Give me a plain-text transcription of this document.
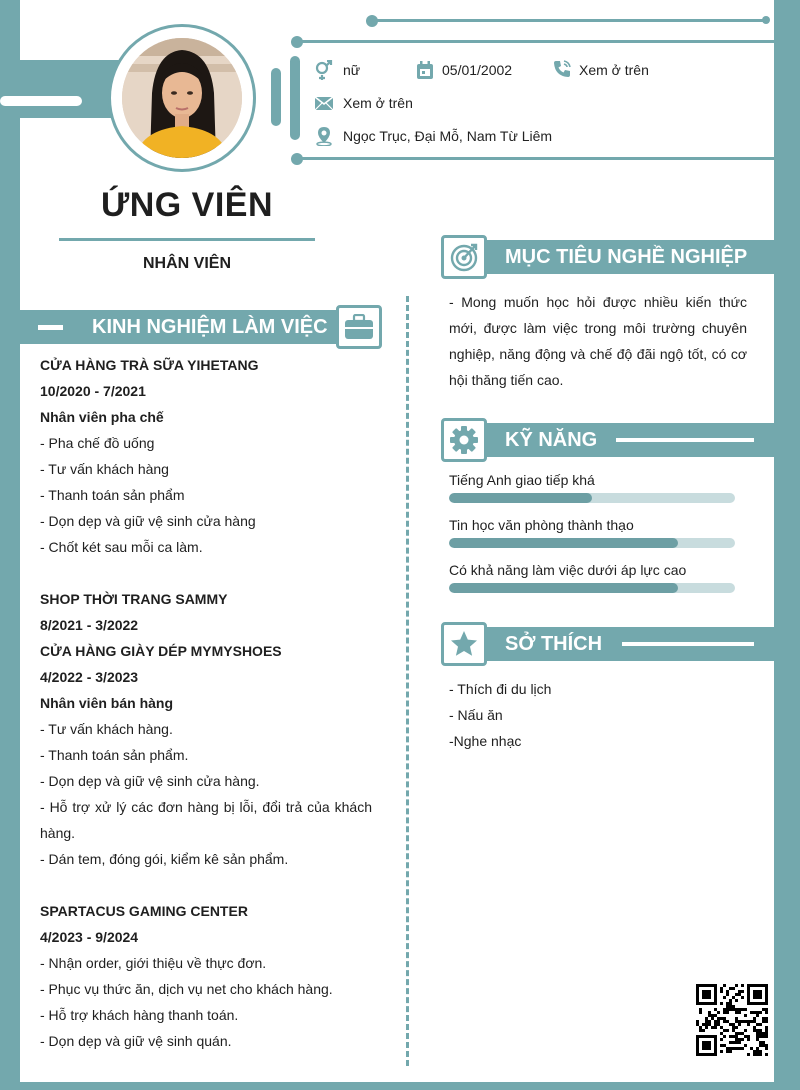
nữ	05/01/2002	Xem ở trên
Xem ở trên
Ngọc Trục, Đại Mỗ, Nam Từ Liêm
ỨNG VIÊN
NHÂN VIÊN
KINH NGHIỆM LÀM VIỆC
CỬA HÀNG TRÀ SỮA YIHETANG
10/2020 - 7/2021
Nhân viên pha chế
- Pha chế đồ uống
- Tư vấn khách hàng
- Thanh toán sản phẩm
- Dọn dẹp và giữ vệ sinh cửa hàng
- Chốt két sau mỗi ca làm.
SHOP THỜI TRANG SAMMY
8/2021 - 3/2022
CỬA HÀNG GIÀY DÉP MYMYSHOES
4/2022 - 3/2023
Nhân viên bán hàng
- Tư vấn khách hàng.
- Thanh toán sản phẩm.
- Dọn dẹp và giữ vệ sinh cửa hàng.
- Hỗ trợ xử lý các đơn hàng bị lỗi, đổi trả của khách hàng.
- Dán tem, đóng gói, kiểm kê sản phẩm.
SPARTACUS GAMING CENTER
4/2023 - 9/2024
- Nhận order, giới thiệu về thực đơn.
- Phục vụ thức ăn, dịch vụ net cho khách hàng.
- Hỗ trợ khách hàng thanh toán.
- Dọn dẹp và giữ vệ sinh quán.
MỤC TIÊU NGHỀ NGHIỆP
- Mong muốn học hỏi được nhiều kiến thức mới, được làm việc trong môi trường chuyên nghiệp, năng động và chế độ đãi ngộ tốt, có cơ hội thăng tiến cao.
KỸ NĂNG
Tiếng Anh giao tiếp khá
Tin học văn phòng thành thạo
Có khả năng làm việc dưới áp lực cao
SỞ THÍCH
- Thích đi du lịch
- Nấu ăn
-Nghe nhạc
